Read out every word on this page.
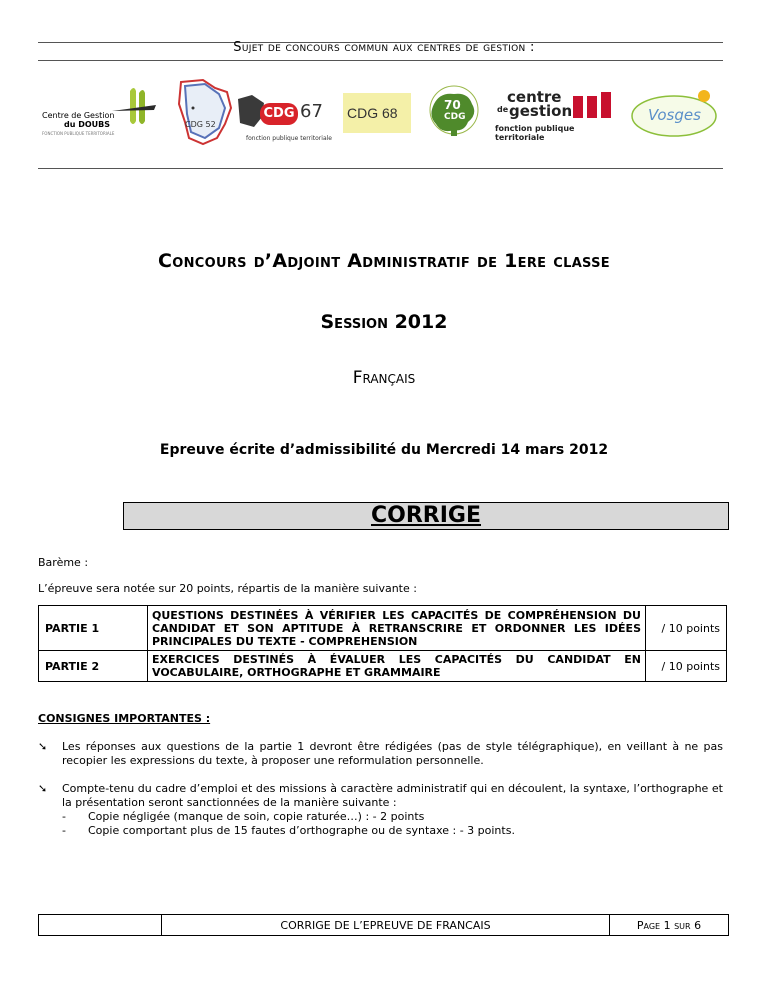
Sujet de concours commun aux centres de gestion :
Centre de Gestion
du DOUBS
FONCTION PUBLIQUE TERRITORIALE
CDG 52
CDG 67
fonction publique territoriale
CDG 68	70
CDG
centre
de gestion
fonction publique territoriale
Vosges
Concours d’Adjoint Administratif de 1ere classe
Session 2012
Français
Epreuve écrite d’admissibilité du Mercredi 14 mars 2012
CORRIGE
Barème :
L’épreuve sera notée sur 20 points, répartis de la manière suivante :
PARTIE 1	QUESTIONS DESTINÉES À VÉRIFIER LES CAPACITÉS DE COMPRÉHENSION DU CANDIDAT ET SON APTITUDE À RETRANSCRIRE ET ORDONNER LES IDÉES PRINCIPALES DU TEXTE - COMPREHENSION	/ 10 points
PARTIE 2	EXERCICES DESTINÉS À ÉVALUER LES CAPACITÉS DU CANDIDAT EN VOCABULAIRE, ORTHOGRAPHE ET GRAMMAIRE	/ 10 points
CONSIGNES IMPORTANTES :
➘	Les réponses aux questions de la partie 1 devront être rédigées (pas de style télégraphique), en veillant à ne pas recopier les expressions du texte, à proposer une reformulation personnelle.
➘	Compte-tenu du cadre d’emploi et des missions à caractère administratif qui en découlent, la syntaxe, l’orthographe et la présentation seront sanctionnées de la manière suivante :
- Copie négligée (manque de soin, copie raturée…) : - 2 points
- Copie comportant plus de 15 fautes d’orthographe ou de syntaxe : - 3 points.
CORRIGE DE L’EPREUVE DE FRANCAIS	Page 1 sur 6
